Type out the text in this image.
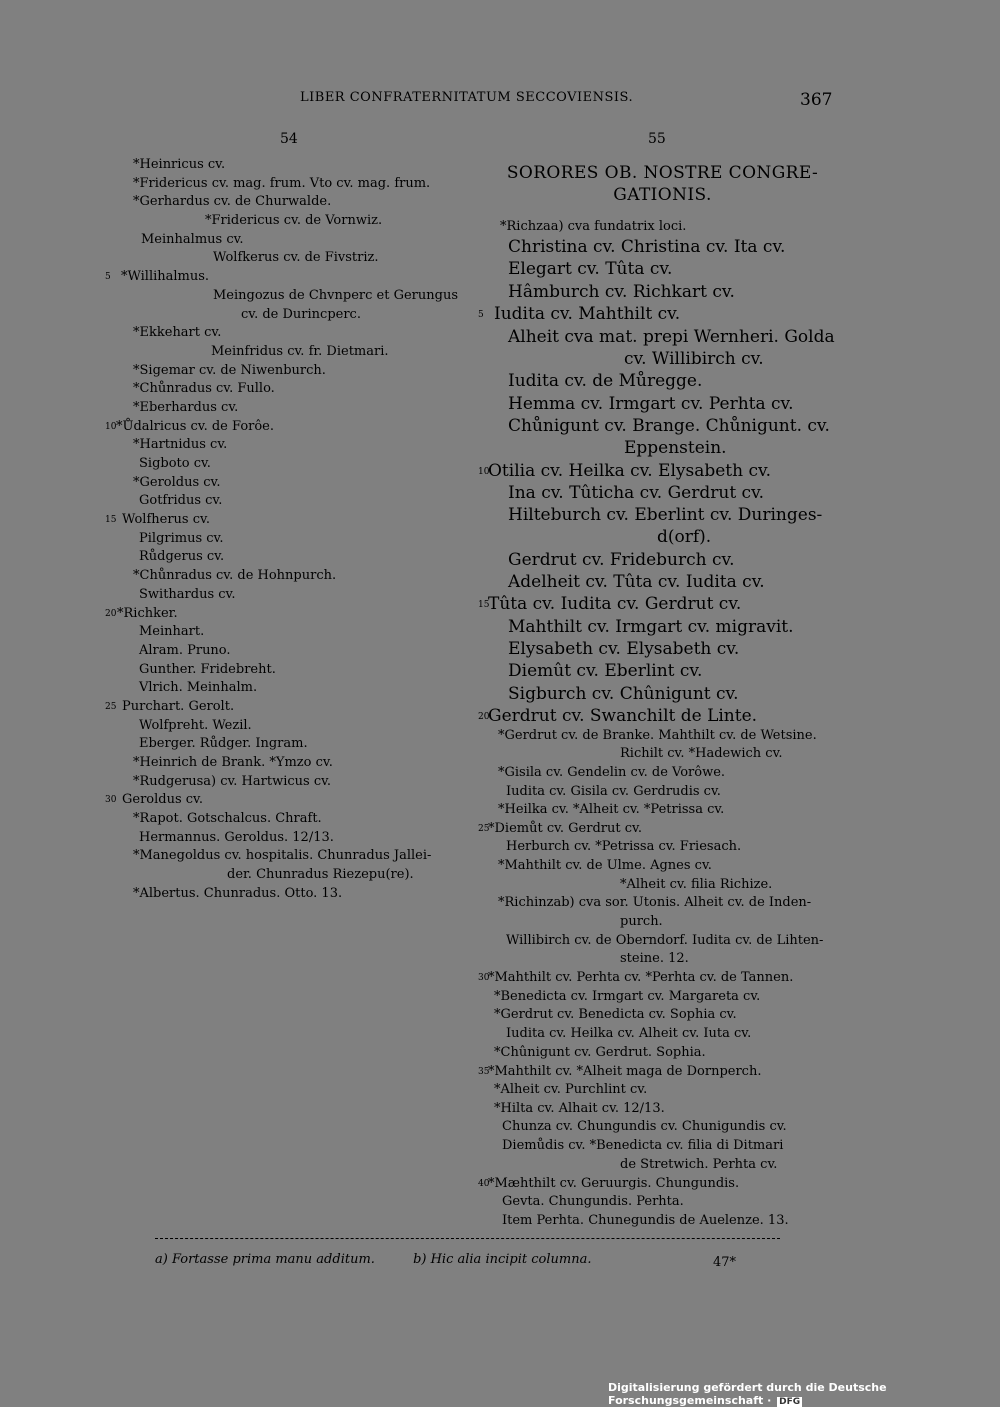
LIBER CONFRATERNITATUM SECCOVIENSIS.	367
54	55
*Heinricus cv.
*Fridericus cv. mag. frum. Vto cv. mag. frum.
*Gerhardus cv. de Churwalde.
*Fridericus cv. de Vornwiz.
Meinhalmus cv.
Wolfkerus cv. de Fivstriz.
5 *Willihalmus.
Meingozus de Chvnperc et Gerungus
cv. de Durincperc.
*Ekkehart cv.
Meinfridus cv. fr. Dietmari.
*Sigemar cv. de Niwenburch.
*Chůnradus cv. Fullo.
*Eberhardus cv.
10 *Ůdalricus cv. de Forôe.
*Hartnidus cv.
Sigboto cv.
*Geroldus cv.
Gotfridus cv.
15 Wolfherus cv.
Pilgrimus cv.
Růdgerus cv.
*Chůnradus cv. de Hohnpurch.
Swithardus cv.
20 *Richker.
Meinhart.
Alram. Pruno.
Gunther. Fridebreht.
Vlrich. Meinhalm.
25 Purchart. Gerolt.
Wolfpreht. Wezil.
Eberger. Růdger. Ingram.
*Heinrich de Brank. *Ymzo cv.
*Rudgerusa) cv. Hartwicus cv.
30 Geroldus cv.
*Rapot. Gotschalcus. Chraft.
Hermannus. Geroldus. 12/13.
*Manegoldus cv. hospitalis. Chunradus Jallei-
der. Chunradus Riezepu(re).
*Albertus. Chunradus. Otto. 13.
SORORES OB. NOSTRE CONGRE-
GATIONIS.
*Richzaa) cva fundatrix loci.
Christina cv. Christina cv. Ita cv.
Elegart cv. Tûta cv.
Hâmburch cv. Richkart cv.
5 Iudita cv. Mahthilt cv.
Alheit cva mat. prepi Wernheri. Golda
cv. Willibirch cv.
Iudita cv. de Můregge.
Hemma cv. Irmgart cv. Perhta cv.
Chůnigunt cv. Brange. Chůnigunt. cv.
Eppenstein.
10
Otilia cv. Heilka cv. Elysabeth cv.
Ina cv. Tûticha cv. Gerdrut cv.
Hilteburch cv. Eberlint cv. Duringes-
d(orf).
Gerdrut cv. Frideburch cv.
Adelheit cv. Tûta cv. Iudita cv.
15
Tûta cv. Iudita cv. Gerdrut cv.
Mahthilt cv. Irmgart cv. migravit.
Elysabeth cv. Elysabeth cv.
Diemût cv. Eberlint cv.
Sigburch cv. Chûnigunt cv.
20
Gerdrut cv. Swanchilt de Linte.
*Gerdrut cv. de Branke. Mahthilt cv. de Wetsine.
Richilt cv. *Hadewich cv.
*Gisila cv. Gendelin cv. de Vorôwe.
Iudita cv. Gisila cv. Gerdrudis cv.
*Heilka cv. *Alheit cv. *Petrissa cv.
25
*Diemůt cv. Gerdrut cv.
Herburch cv. *Petrissa cv. Friesach.
*Mahthilt cv. de Ulme. Agnes cv.
*Alheit cv. filia Richize.
*Richinzab) cva sor. Utonis. Alheit cv. de Inden-
purch.
Willibirch cv. de Oberndorf. Iudita cv. de Lihten-
steine. 12.
30
*Mahthilt cv. Perhta cv. *Perhta cv. de Tannen.
*Benedicta cv. Irmgart cv. Margareta cv.
*Gerdrut cv. Benedicta cv. Sophia cv.
Iudita cv. Heilka cv. Alheit cv. Iuta cv.
*Chûnigunt cv. Gerdrut. Sophia.
35
*Mahthilt cv. *Alheit maga de Dornperch.
*Alheit cv. Purchlint cv.
*Hilta cv. Alhait cv. 12/13.
Chunza cv. Chungundis cv. Chunigundis cv.
Diemůdis cv. *Benedicta cv. filia di Ditmari
de Stretwich. Perhta cv.
40
*Mæhthilt cv. Geruurgis. Chungundis.
Gevta. Chungundis. Perhta.
Item Perhta. Chunegundis de Auelenze. 13.
a) Fortasse prima manu additum.	b) Hic alia incipit columna.	47*
Digitalisierung gefördert durch die Deutsche Forschungsgemeinschaft · DFG
